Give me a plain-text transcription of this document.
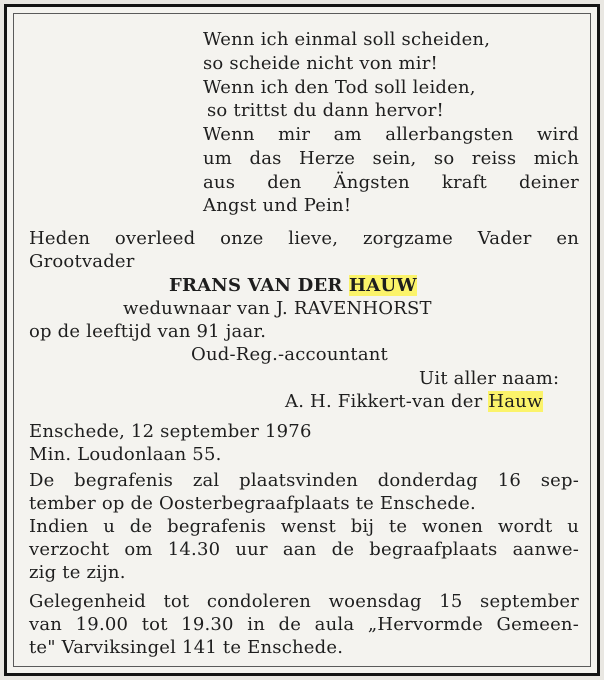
Wenn ich einmal soll scheiden,
so scheide nicht von mir!
Wenn ich den Tod soll leiden,
so trittst du dann hervor!
Wenn mir am allerbangsten wird
um das Herze sein, so reiss mich
aus den Ängsten kraft deiner
Angst und Pein!
Heden overleed onze lieve, zorgzame Vader en
Grootvader
FRANS VAN DER HAUW
weduwnaar van J. RAVENHORST
op de leeftijd van 91 jaar.
Oud-Reg.-accountant
Uit aller naam:
A. H. Fikkert-van der Hauw
Enschede, 12 september 1976
Min. Loudonlaan 55.
De begrafenis zal plaatsvinden donderdag 16 sep-
tember op de Oosterbegraafplaats te Enschede.
Indien u de begrafenis wenst bij te wonen wordt u
verzocht om 14.30 uur aan de begraafplaats aanwe-
zig te zijn.
Gelegenheid tot condoleren woensdag 15 september
van 19.00 tot 19.30 in de aula „Hervormde Gemeen-
te" Varviksingel 141 te Enschede.
